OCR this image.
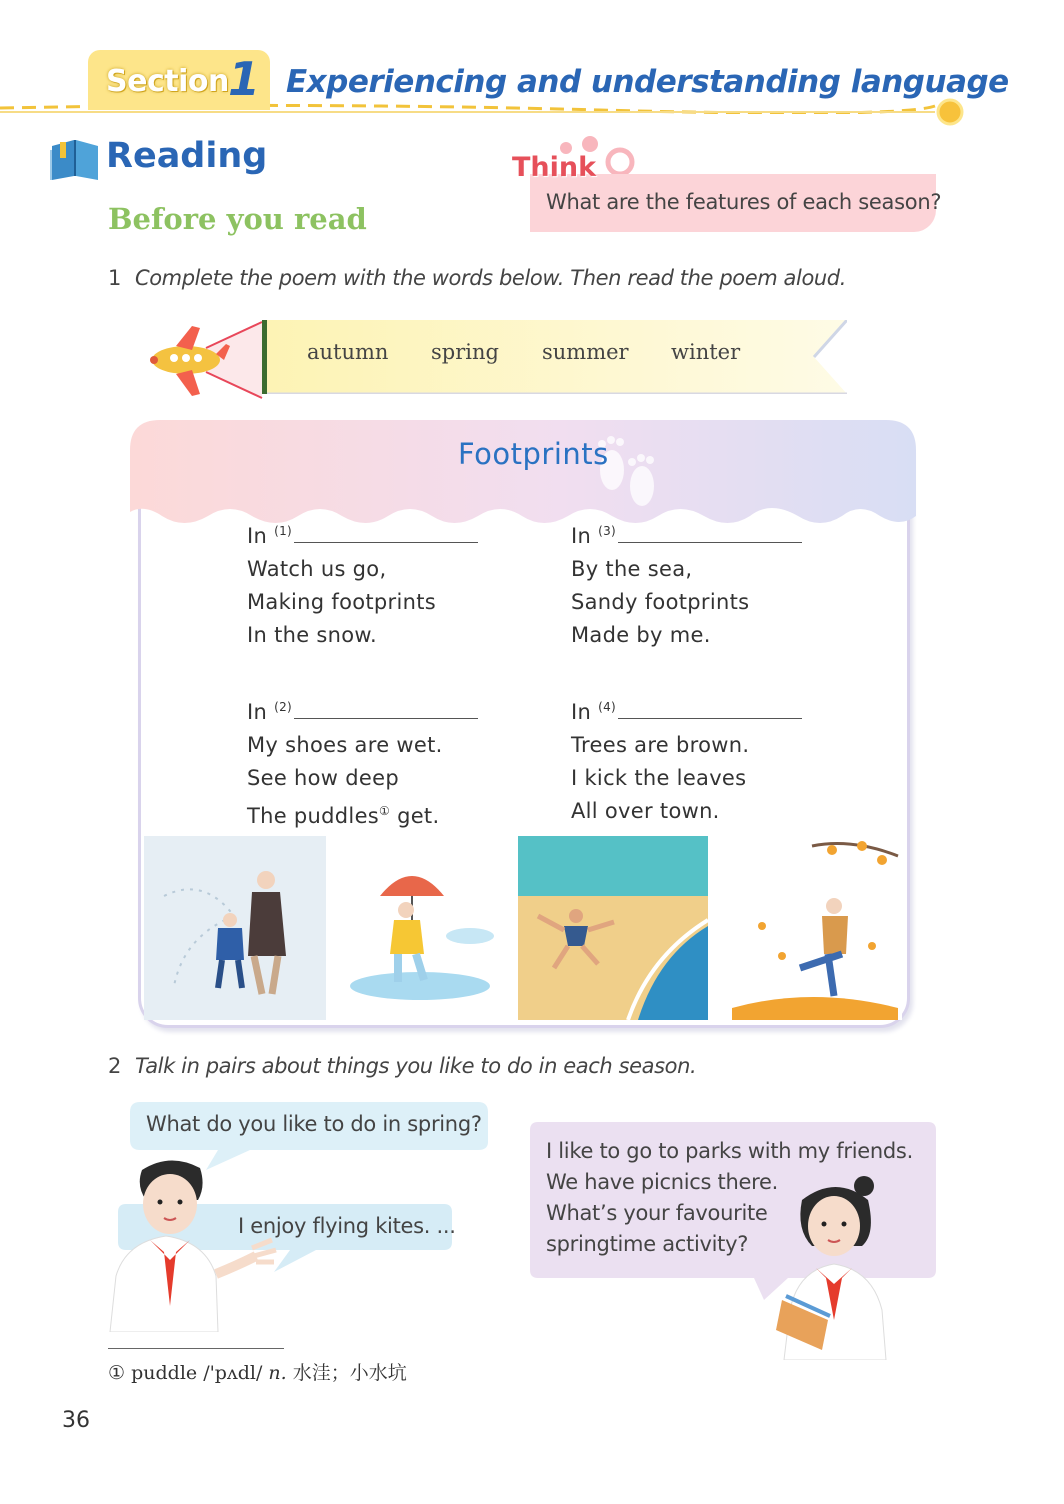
Section 1 Experiencing and understanding language
Reading
Before you read
Think
What are the features of each season?
1 Complete the poem with the words below. Then read the poem aloud.
autumn spring summer winter
Footprints
In $^{(1)}$
Watch us go,
Making footprints
In the snow.
In $^{(3)}$
By the sea,
Sandy footprints
Made by me.
In $^{(2)}$
My shoes are wet.
See how deep
The puddles① get.
In $^{(4)}$
Trees are brown.
I kick the leaves
All over town.
2 Talk in pairs about things you like to do in each season.
What do you like to do in spring?
I enjoy flying kites. ...
I like to go to parks with my friends.
We have picnics there.
What’s your favourite
springtime activity?
① puddle /'pʌdl/ n. 水洼；小水坑
36
